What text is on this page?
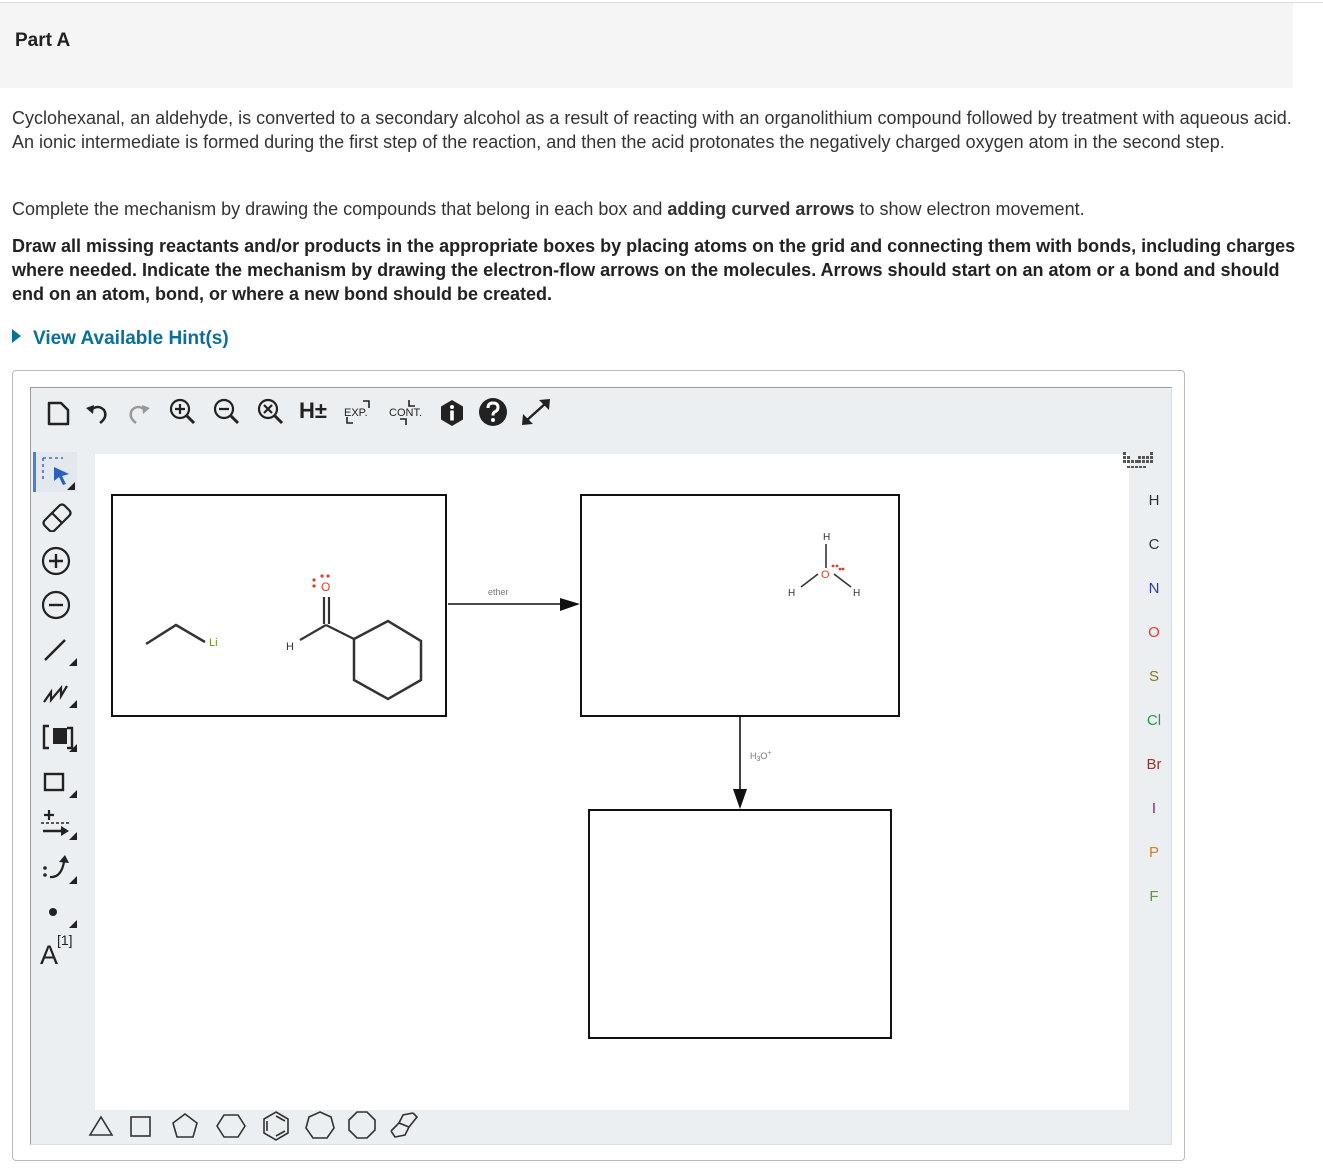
Part A

Cyclohexanal, an aldehyde, is converted to a secondary alcohol as a result of reacting with an organolithium compound followed by treatment with aqueous acid. An ionic intermediate is formed during the first step of the reaction, and then the acid protonates the negatively charged oxygen atom in the second step.

Complete the mechanism by drawing the compounds that belong in each box and adding curved arrows to show electron movement.

Draw all missing reactants and/or products in the appropriate boxes by placing atoms on the grid and connecting them with bonds, including charges where needed. Indicate the mechanism by drawing the electron-flow arrows on the molecules. Arrows should start on an atom or a bond and should end on an atom, bond, or where a new bond should be created.

View Available Hint(s)
H± EXP. CONT.
A
[1]
Li	H
O	ether
H
H	H
O
$H_3O^+$
H
C
N
O
S
Cl
Br
I
P
F
